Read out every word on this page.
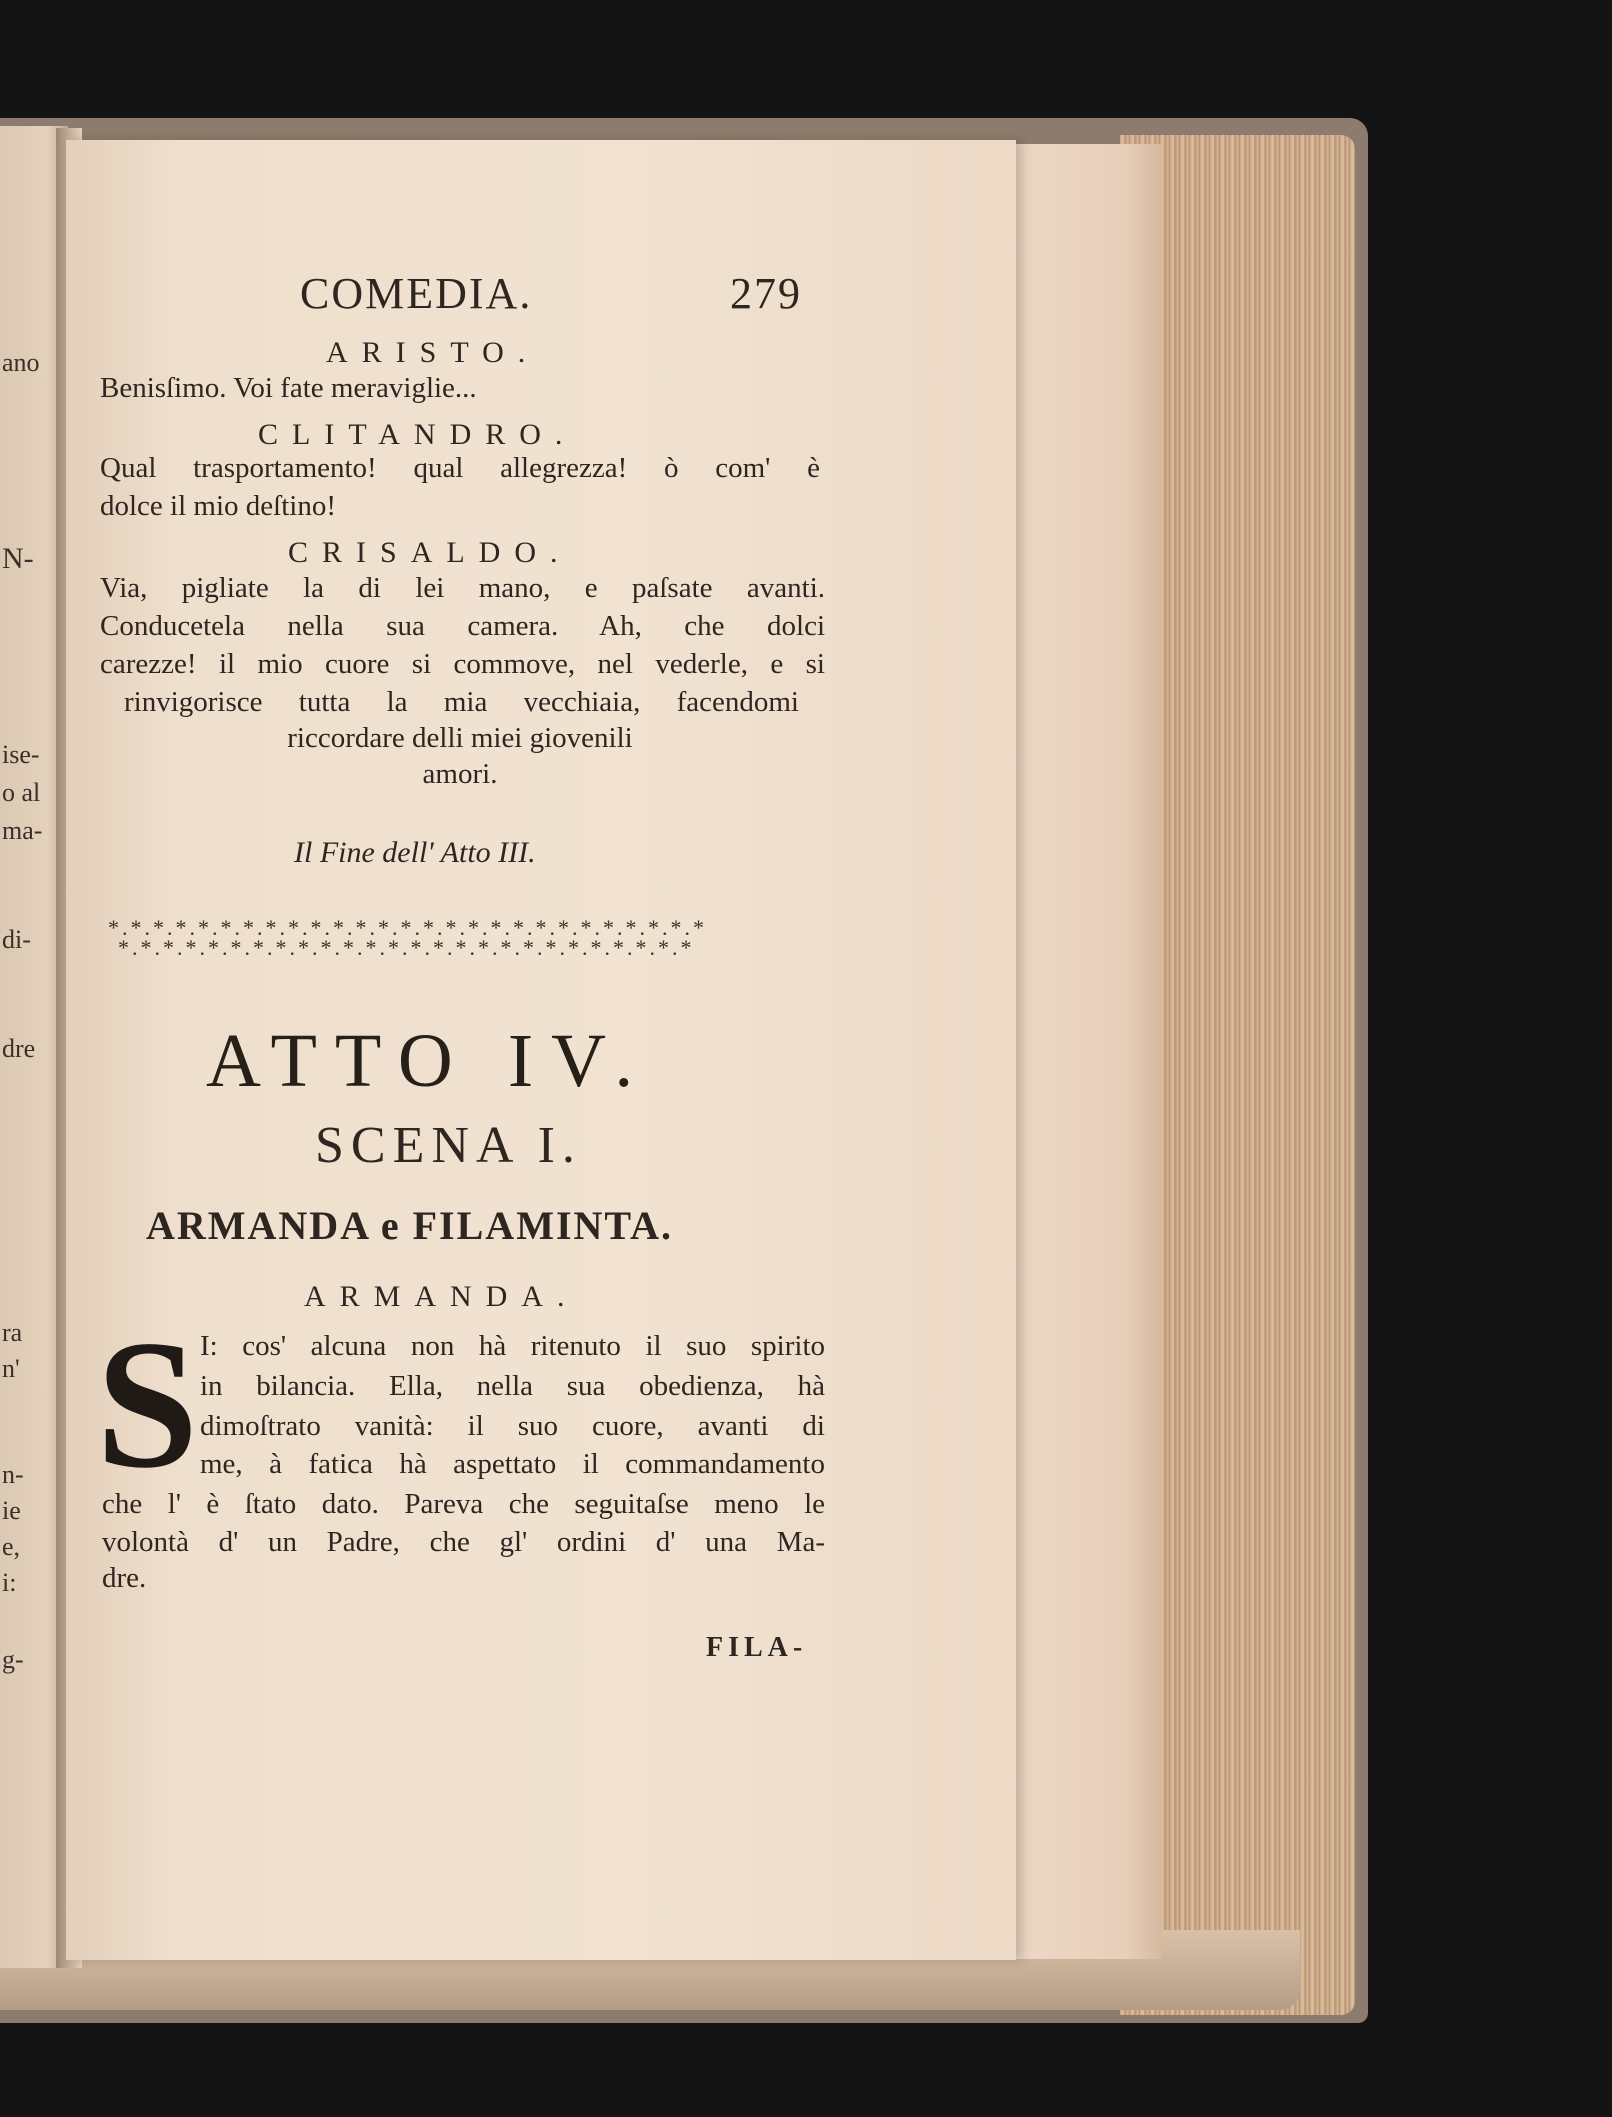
ano
N-
ise-
o al
ma-
di-
dre
ra
n'
n-
ie
e,
i:
g-
COMEDIA.	279
ARISTO.
Benisſimo. Voi fate meraviglie...
CLITANDRO.
Qual trasportamento! qual allegrezza! ò com' è
dolce il mio deſtino!
CRISALDO.
Via, pigliate la di lei mano, e paſsate avanti.
Conducetela nella sua camera. Ah, che dolci
carezze! il mio cuore si commove, nel vederle, e si
rinvigorisce tutta la mia vecchiaia, facendomi
riccordare delli miei giovenili
amori.
Il Fine dell' Atto III.
*.*.*.*.*.*.*.*.*.*.*.*.*.*.*.*.*.*.*.*.*.*.*.*.*.*.*
*.*.*.*.*.*.*.*.*.*.*.*.*.*.*.*.*.*.*.*.*.*.*.*.*.*
ATTO IV.
SCENA I.
ARMANDA e FILAMINTA.
ARMANDA.
S I: cos' alcuna non hà ritenuto il suo spirito
in bilancia. Ella, nella sua obedienza, hà
dimoſtrato vanità: il suo cuore, avanti di
me, à fatica hà aspettato il commandamento
che l' è ſtato dato. Pareva che seguitaſse meno le
volontà d' un Padre, che gl' ordini d' una Ma-
dre.
FILA-
